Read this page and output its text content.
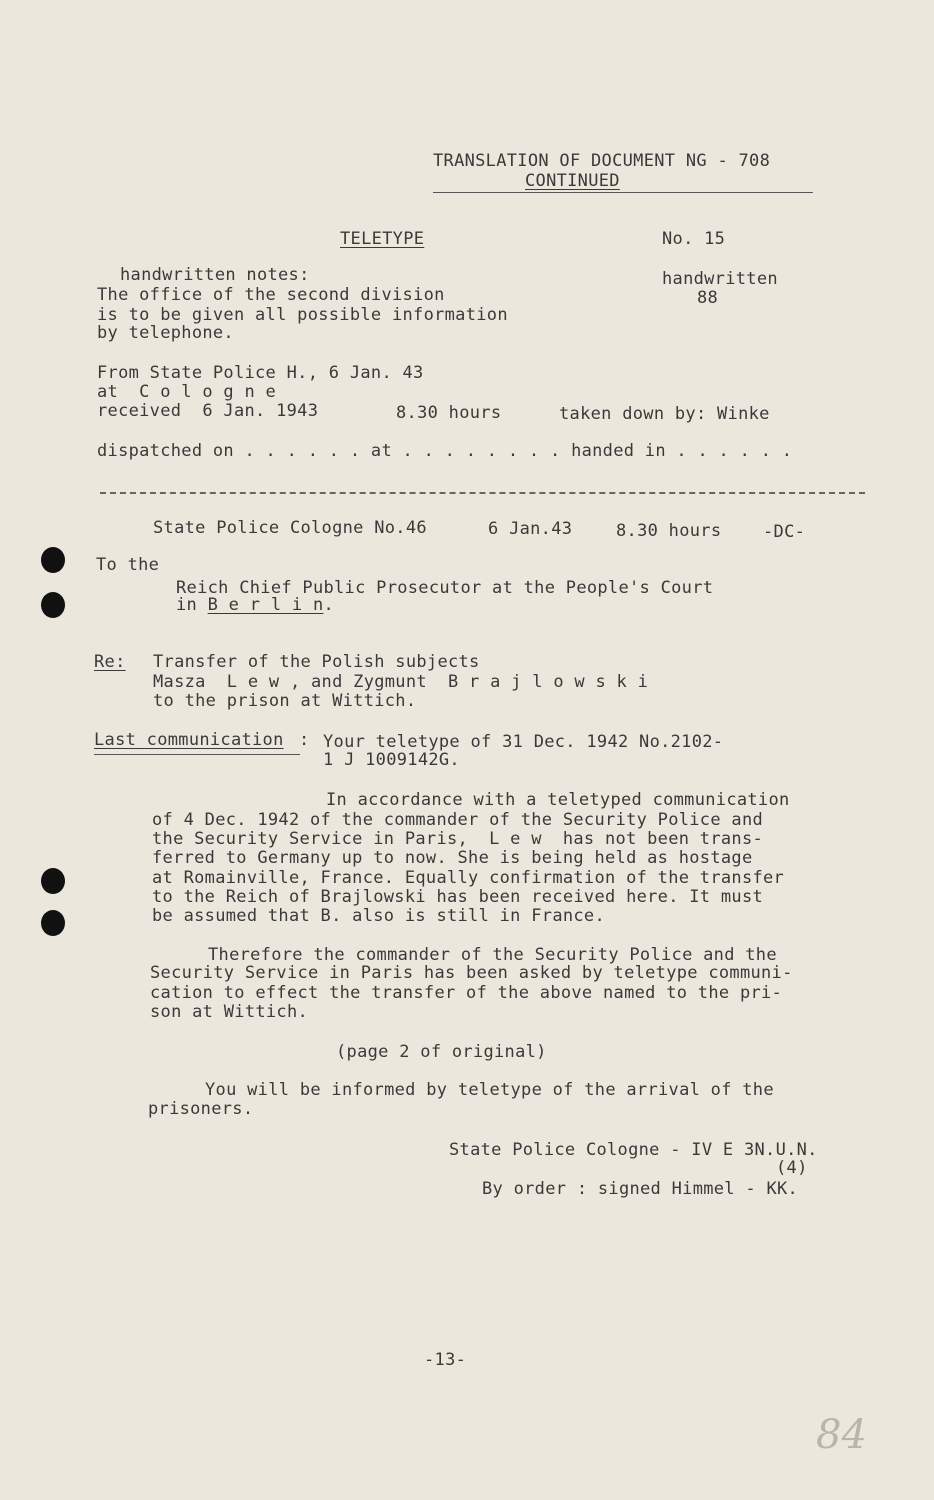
TRANSLATION OF DOCUMENT NG - 708
CONTINUED
TELETYPE	No. 15
handwritten
88
handwritten notes:
The office of the second division
is to be given all possible information
by telephone.
From State Police H., 6 Jan. 43
at  C o l o g n e
received  6 Jan. 1943	8.30 hours	taken down by: Winke
dispatched on . . . . . . at . . . . . . . . handed in . . . . . .
State Police Cologne No.46	6 Jan.43	8.30 hours -DC-
To the
Reich Chief Public Prosecutor at the People's Court
in B e r l i n.
Re: Transfer of the Polish subjects
Masza  L e w , and Zygmunt  B r a j l o w s k i
to the prison at Wittich.
Last communication : Your teletype of 31 Dec. 1942 No.2102-
1 J 1009142G.
In accordance with a teletyped communication
of 4 Dec. 1942 of the commander of the Security Police and
the Security Service in Paris,  L e w  has not been trans-
ferred to Germany up to now. She is being held as hostage
at Romainville, France. Equally confirmation of the transfer
to the Reich of Brajlowski has been received here. It must
be assumed that B. also is still in France.
Therefore the commander of the Security Police and the
Security Service in Paris has been asked by teletype communi-
cation to effect the transfer of the above named to the pri-
son at Wittich.
(page 2 of original)
You will be informed by teletype of the arrival of the
prisoners.
State Police Cologne - IV E 3N.U.N.
(4)
By order : signed Himmel - KK.
-13-
84
